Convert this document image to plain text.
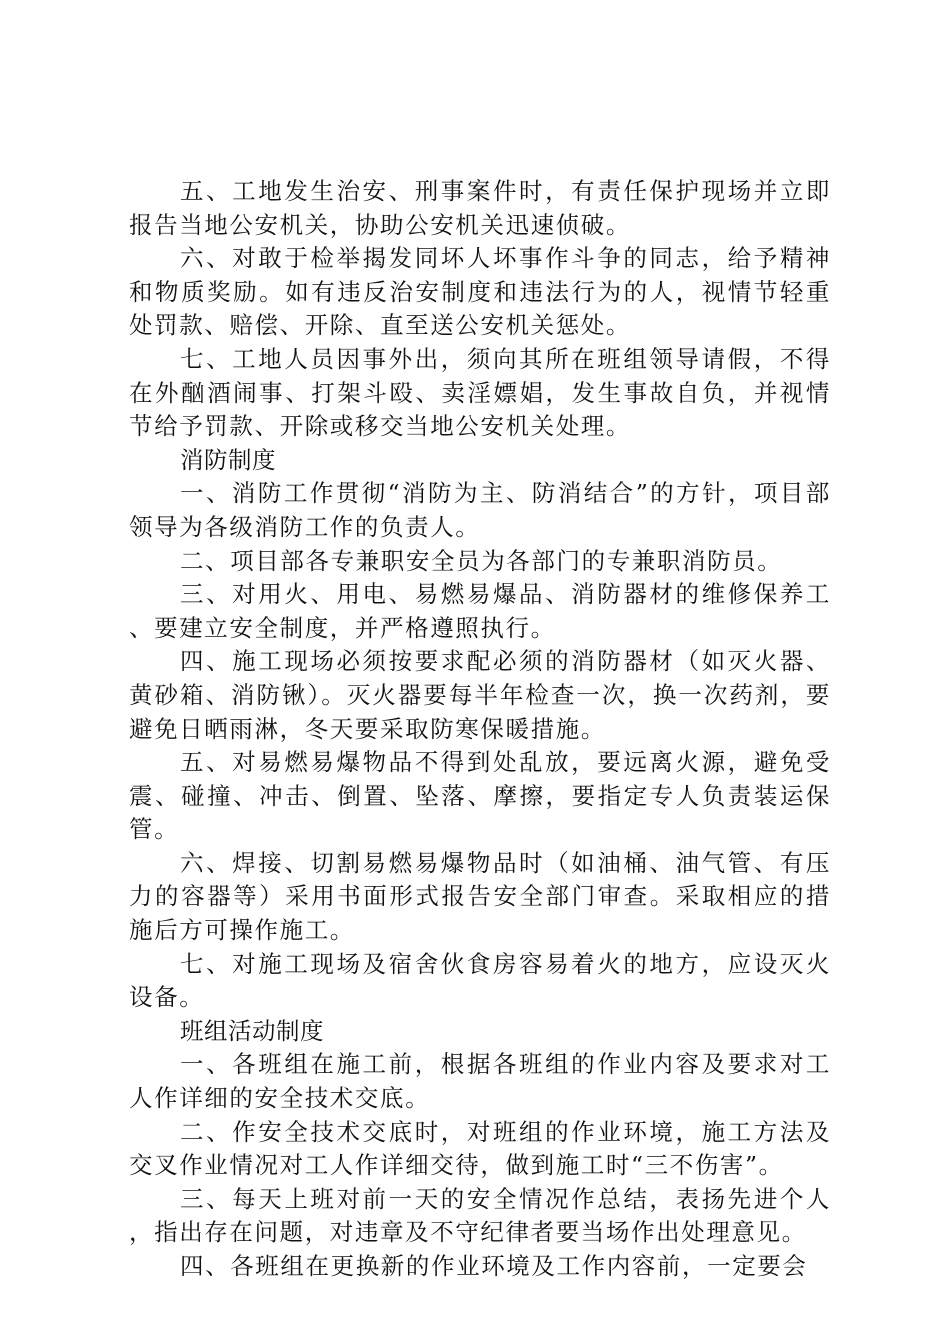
五、工地发生治安、刑事案件时，有责任保护现场并立即报告当地公安机关，协助公安机关迅速侦破。

六、对敢于检举揭发同坏人坏事作斗争的同志，给予精神和物质奖励。如有违反治安制度和违法行为的人，视情节轻重处罚款、赔偿、开除、直至送公安机关惩处。

七、工地人员因事外出，须向其所在班组领导请假，不得在外酗酒闹事、打架斗殴、卖淫嫖娼，发生事故自负，并视情节给予罚款、开除或移交当地公安机关处理。

消防制度

一、消防工作贯彻“消防为主、防消结合”的方针，项目部领导为各级消防工作的负责人。

二、项目部各专兼职安全员为各部门的专兼职消防员。

三、对用火、用电、易燃易爆品、消防器材的维修保养工、要建立安全制度，并严格遵照执行。

四、施工现场必须按要求配必须的消防器材（如灭火器、黄砂箱、消防锹）。灭火器要每半年检查一次，换一次药剂，要避免日晒雨淋，冬天要采取防寒保暖措施。

五、对易燃易爆物品不得到处乱放，要远离火源，避免受震、碰撞、冲击、倒置、坠落、摩擦，要指定专人负责装运保管。

六、焊接、切割易燃易爆物品时（如油桶、油气管、有压力的容器等）采用书面形式报告安全部门审查。采取相应的措施后方可操作施工。

七、对施工现场及宿舍伙食房容易着火的地方，应设灭火设备。

班组活动制度

一、各班组在施工前，根据各班组的作业内容及要求对工人作详细的安全技术交底。

二、作安全技术交底时，对班组的作业环境，施工方法及交叉作业情况对工人作详细交待，做到施工时“三不伤害”。

三、每天上班对前一天的安全情况作总结，表扬先进个人，指出存在问题，对违章及不守纪律者要当场作出处理意见。

四、各班组在更换新的作业环境及工作内容前，一定要会
